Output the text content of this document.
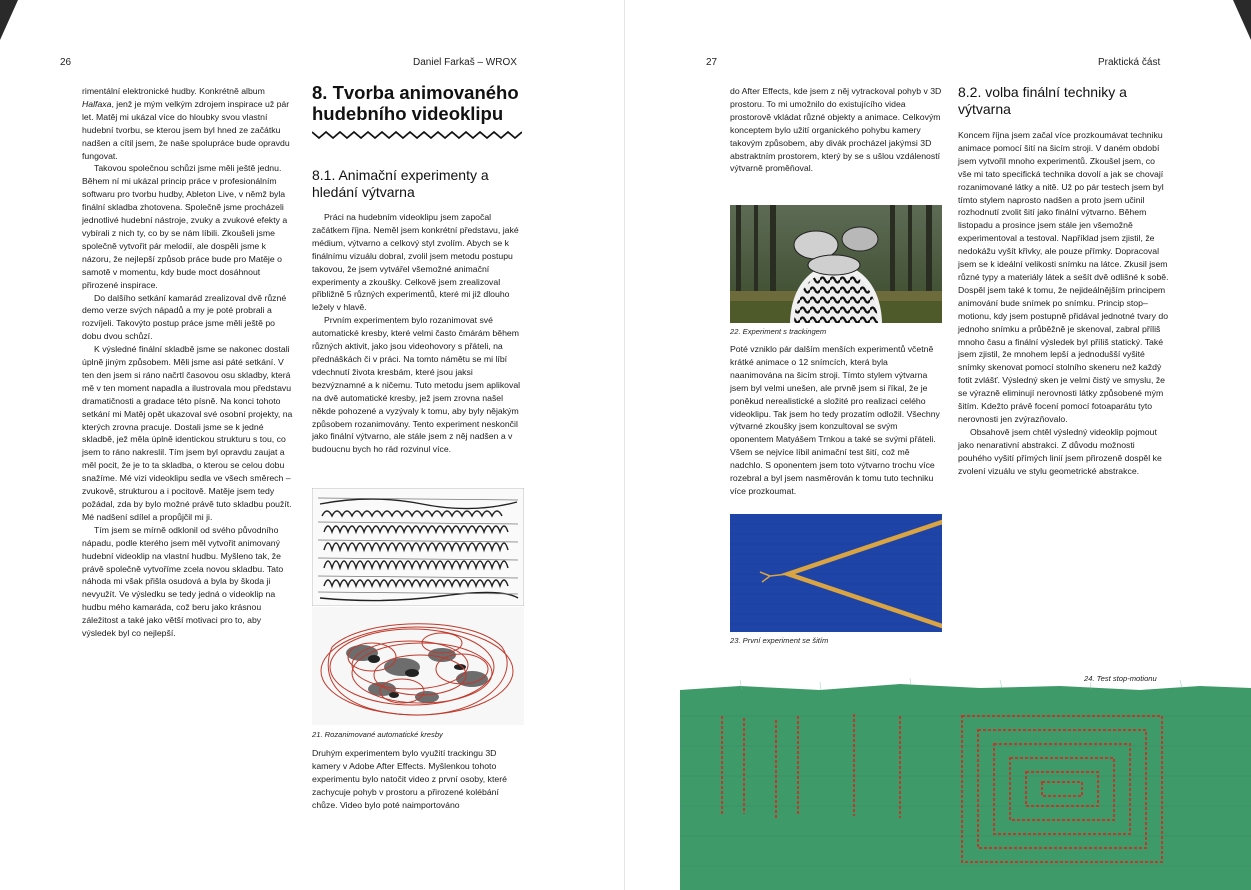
26	Daniel Farkaš – WROX

rimentální elektronické hudby. Konkrétně album Halfaxa, jenž je mým velkým zdrojem inspirace už pár let. Matěj mi ukázal více do hloubky svou vlastní hudební tvorbu, se kterou jsem byl hned ze začátku nadšen a cítil jsem, že naše spolupráce bude opravdu fungovat.

Takovou společnou schůzi jsme měli ještě jednu. Během ní mi ukázal princip práce v profesionálním softwaru pro tvorbu hudby, Ableton Live, v němž byla finální skladba zhotovena. Společně jsme procházeli jednotlivé hudební nástroje, zvuky a zvukové efekty a vybírali z nich ty, co by se nám líbili. Zkoušeli jsme společně vytvořit pár melodií, ale dospěli jsme k názoru, že nejlepší způsob práce bude pro Matěje o samotě v momentu, kdy bude moct dosáhnout přirozené inspirace.

Do dalšího setkání kamarád zrealizoval dvě různé demo verze svých nápadů a my je poté probrali a rozvíjeli. Takovýto postup práce jsme měli ještě po dobu dvou schůzí.

K výsledné finální skladbě jsme se nakonec dostali úplně jiným způsobem. Měli jsme asi páté setkání. V ten den jsem si ráno načrtl časovou osu skladby, která mě v ten moment napadla a ilustrovala mou představu dramatičnosti a gradace této písně. Na konci tohoto setkání mi Matěj opět ukazoval své osobní projekty, na kterých zrovna pracuje. Dostali jsme se k jedné skladbě, jež měla úplně identickou strukturu s tou, co jsem to ráno nakreslil. Tím jsem byl opravdu zaujat a měl pocit, že je to ta skladba, o kterou se celou dobu snažíme. Mé vizi videoklipu sedla ve všech směrech – zvukově, strukturou a i pocitově. Matěje jsem tedy požádal, zda by bylo možné právě tuto skladbu použít. Mé nadšení sdílel a propůjčil mi ji.

Tím jsem se mírně odklonil od svého původního nápadu, podle kterého jsem měl vytvořit animovaný hudební videoklip na vlastní hudbu. Myšleno tak, že právě společně vytvoříme zcela novou skladbu. Tato náhoda mi však přišla osudová a byla by škoda ji nevyužít. Ve výsledku se tedy jedná o videoklip na hudbu mého kamaráda, což beru jako krásnou záležitost a také jako větší motivaci pro to, aby výsledek byl co nejlepší.

8. Tvorba animovaného hudebního videoklipu
8.1. Animační experimenty a hledání výtvarna

Práci na hudebním videoklipu jsem započal začátkem října. Neměl jsem konkrétní představu, jaké médium, výtvarno a celkový styl zvolím. Abych se k finálnímu vizuálu dobral, zvolil jsem metodu postupu takovou, že jsem vytvářel všemožné animační experimenty a zkoušky. Celkově jsem zrealizoval přibližně 5 různých experimentů, které mi již dlouho ležely v hlavě.

Prvním experimentem bylo rozanimovat své automatické kresby, které velmi často čmárám během různých aktivit, jako jsou videohovory s přáteli, na přednáškách či v práci. Na tomto námětu se mi líbí vdechnutí života kresbám, které jsou jaksi bezvýznamné a k ničemu. Tuto metodu jsem aplikoval na dvě automatické kresby, jež jsem zrovna našel někde pohozené a vyzývaly k tomu, aby byly nějakým způsobem rozanimovány. Tento experiment neskončil jako finální výtvarno, ale stále jsem z něj nadšen a v budoucnu bych ho rád rozvinul více.

21. Rozanimované automatické kresby

Druhým experimentem bylo využití trackingu 3D kamery v Adobe After Effects. Myšlenkou tohoto experimentu bylo natočit video z první osoby, které zachycuje pohyb v prostoru a přirozené kolébání chůze. Video bylo poté naimportováno

27	Praktická část

do After Effects, kde jsem z něj vytrackoval pohyb v 3D prostoru. To mi umožnilo do existujícího videa prostorově vkládat různé objekty a animace. Celkovým konceptem bylo užití organického pohybu kamery takovým způsobem, aby divák procházel jakýmsi 3D abstraktním prostorem, který by se s ušlou vzdáleností výtvarně proměňoval.

22. Experiment s trackingem

Poté vzniklo pár dalším menších experimentů včetně krátké animace o 12 snímcích, která byla naanimována na šicím stroji. Tímto stylem výtvarna jsem byl velmi unešen, ale prvně jsem si říkal, že je poněkud nerealistické a složité pro realizaci celého videoklipu. Tak jsem ho tedy prozatím odložil. Všechny výtvarné zkoušky jsem konzultoval se svým oponentem Matyášem Trnkou a také se svými přáteli. Všem se nejvíce líbil animační test šití, což mě nadchlo. S oponentem jsem toto výtvarno trochu více rozebral a byl jsem nasměrován k tomu tuto techniku více prozkoumat.

23. První experiment se šitím
8.2. volba finální techniky a výtvarna

Koncem října jsem začal více prozkoumávat techniku animace pomocí šití na šicím stroji. V daném období jsem vytvořil mnoho experimentů. Zkoušel jsem, co vše mi tato specifická technika dovolí a jak se chovají rozanimované látky a nitě. Už po pár testech jsem byl tímto stylem naprosto nadšen a proto jsem učinil rozhodnutí zvolit šití jako finální výtvarno. Během listopadu a prosince jsem stále jen všemožně experimentoval a testoval. Například jsem zjistil, že nedokážu vyšít křivky, ale pouze přímky. Dopracoval jsem se k ideální velikosti snímku na látce. Zkusil jsem různé typy a materiály látek a sešít dvě odlišné k sobě. Dospěl jsem také k tomu, že nejideálnějším principem animování bude snímek po snímku. Princip stop–motionu, kdy jsem postupně přidával jednotné tvary do jednoho snímku a průběžně je skenoval, zabral příliš mnoho času a finální výsledek byl příliš statický. Také jsem zjistil, že mnohem lepší a jednodušší vyšité snímky skenovat pomocí stolního skeneru než každý fotit zvlášť. Výsledný sken je velmi čistý ve smyslu, že se výrazně eliminují nerovnosti látky způsobené mým šitím. Kdežto právě focení pomocí fotoaparátu tyto nerovnosti jen zvýrazňovalo.

Obsahově jsem chtěl výsledný videoklip pojmout jako nenarativní abstrakci. Z důvodu možnosti pouhého vyšití přímých linií jsem přirozeně dospěl ke zvolení vizuálu ve stylu geometrické abstrakce.

24. Test stop-motionu
